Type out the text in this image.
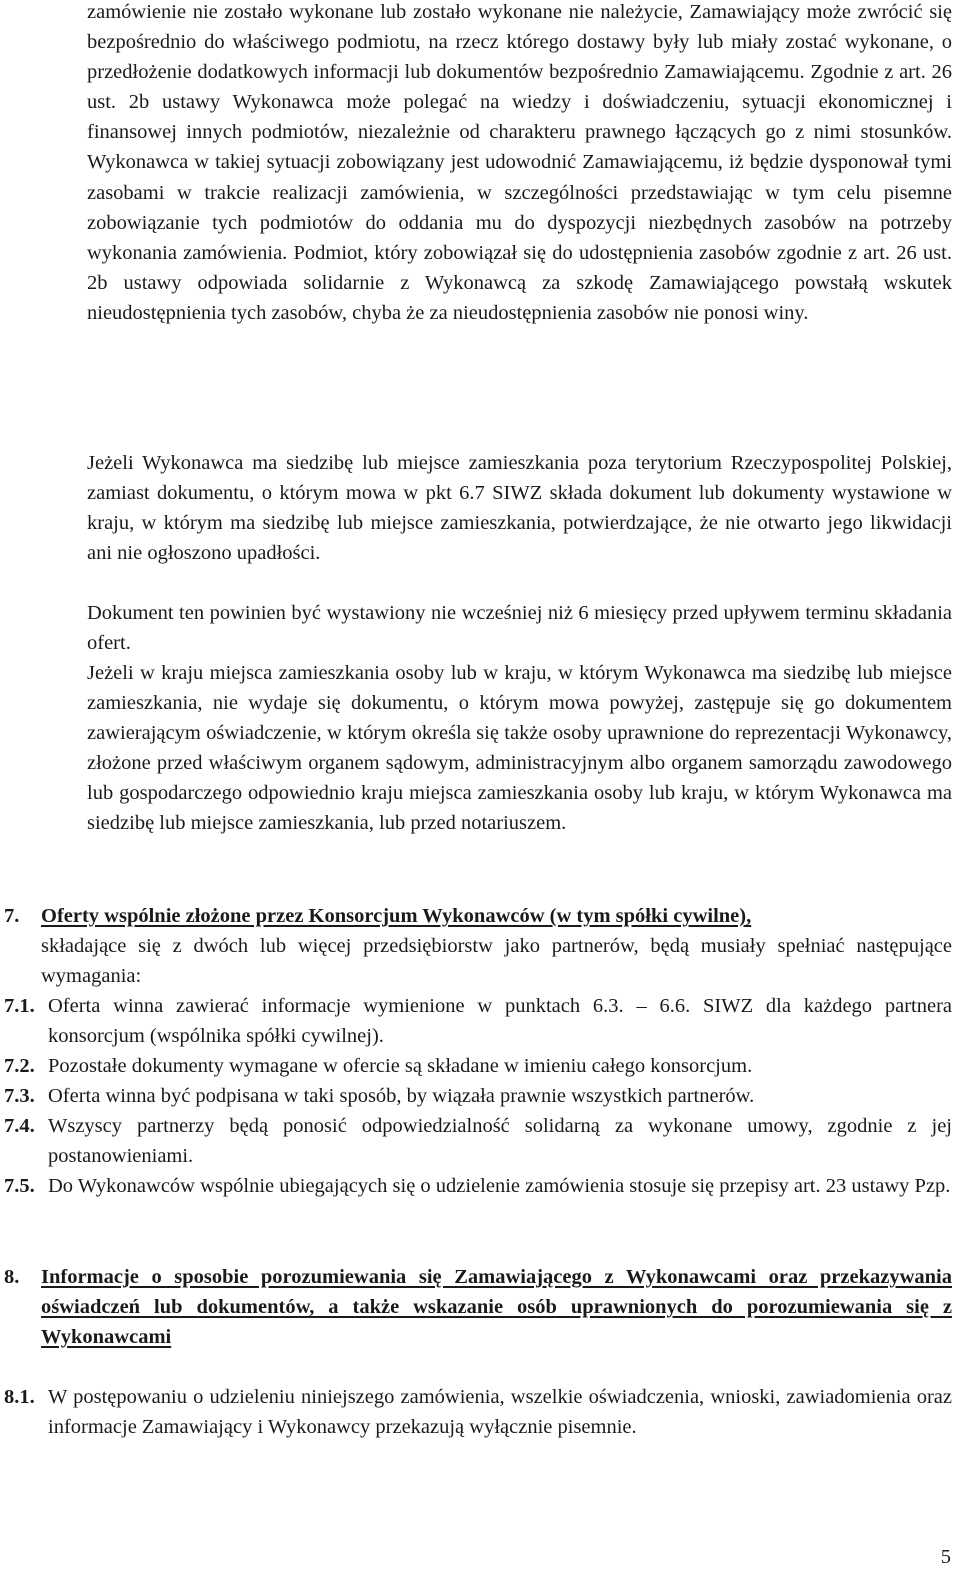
zamówienie nie zostało wykonane lub zostało wykonane nie należycie, Zamawiający może zwrócić się bezpośrednio do właściwego podmiotu, na rzecz którego dostawy były lub miały zostać wykonane, o przedłożenie dodatkowych informacji lub dokumentów bezpośrednio Zamawiającemu. Zgodnie z art. 26 ust. 2b ustawy Wykonawca może polegać na wiedzy i doświadczeniu, sytuacji ekonomicznej i finansowej innych podmiotów, niezależnie od charakteru prawnego łączących go z nimi stosunków. Wykonawca w takiej sytuacji zobowiązany jest udowodnić Zamawiającemu, iż będzie dysponował tymi zasobami w trakcie realizacji zamówienia, w szczególności przedstawiając w tym celu pisemne zobowiązanie tych podmiotów do oddania mu do dyspozycji niezbędnych zasobów na potrzeby wykonania zamówienia. Podmiot, który zobowiązał się do udostępnienia zasobów zgodnie z art. 26 ust. 2b ustawy odpowiada solidarnie z Wykonawcą za szkodę Zamawiającego powstałą wskutek nieudostępnienia tych zasobów, chyba że za nieudostępnienia zasobów nie ponosi winy.

Jeżeli Wykonawca ma siedzibę lub miejsce zamieszkania poza terytorium Rzeczypospolitej Polskiej, zamiast dokumentu, o którym mowa w pkt 6.7 SIWZ składa dokument lub dokumenty wystawione w kraju, w którym ma siedzibę lub miejsce zamieszkania, potwierdzające, że nie otwarto jego likwidacji ani nie ogłoszono upadłości.

Dokument ten powinien być wystawiony nie wcześniej niż 6 miesięcy przed upływem terminu składania ofert.

Jeżeli w kraju miejsca zamieszkania osoby lub w kraju, w którym Wykonawca ma siedzibę lub miejsce zamieszkania, nie wydaje się dokumentu, o którym mowa powyżej, zastępuje się go dokumentem zawierającym oświadczenie, w którym określa się także osoby uprawnione do reprezentacji Wykonawcy, złożone przed właściwym organem sądowym, administracyjnym albo organem samorządu zawodowego lub gospodarczego odpowiednio kraju miejsca zamieszkania osoby lub kraju, w którym Wykonawca ma siedzibę lub miejsce zamieszkania, lub przed notariuszem.

7.	Oferty wspólnie złożone przez Konsorcjum Wykonawców (w tym spółki cywilne),
składające się z dwóch lub więcej przedsiębiorstw jako partnerów, będą musiały spełniać następujące wymagania:
7.1. Oferta winna zawierać informacje wymienione w punktach 6.3. – 6.6. SIWZ dla każdego partnera konsorcjum (wspólnika spółki cywilnej).
7.2. Pozostałe dokumenty wymagane w ofercie są składane w imieniu całego konsorcjum.
7.3. Oferta winna być podpisana w taki sposób, by wiązała prawnie wszystkich partnerów.
7.4. Wszyscy partnerzy będą ponosić odpowiedzialność solidarną za wykonane umowy, zgodnie z jej postanowieniami.
7.5. Do Wykonawców wspólnie ubiegających się o udzielenie zamówienia stosuje się przepisy art. 23 ustawy Pzp.
8.	Informacje o sposobie porozumiewania się Zamawiającego z Wykonawcami oraz przekazywania oświadczeń lub dokumentów, a także wskazanie osób uprawnionych do porozumiewania się z Wykonawcami
8.1. W postępowaniu o udzieleniu niniejszego zamówienia, wszelkie oświadczenia, wnioski, zawiadomienia oraz informacje Zamawiający i Wykonawcy przekazują wyłącznie pisemnie.
5
